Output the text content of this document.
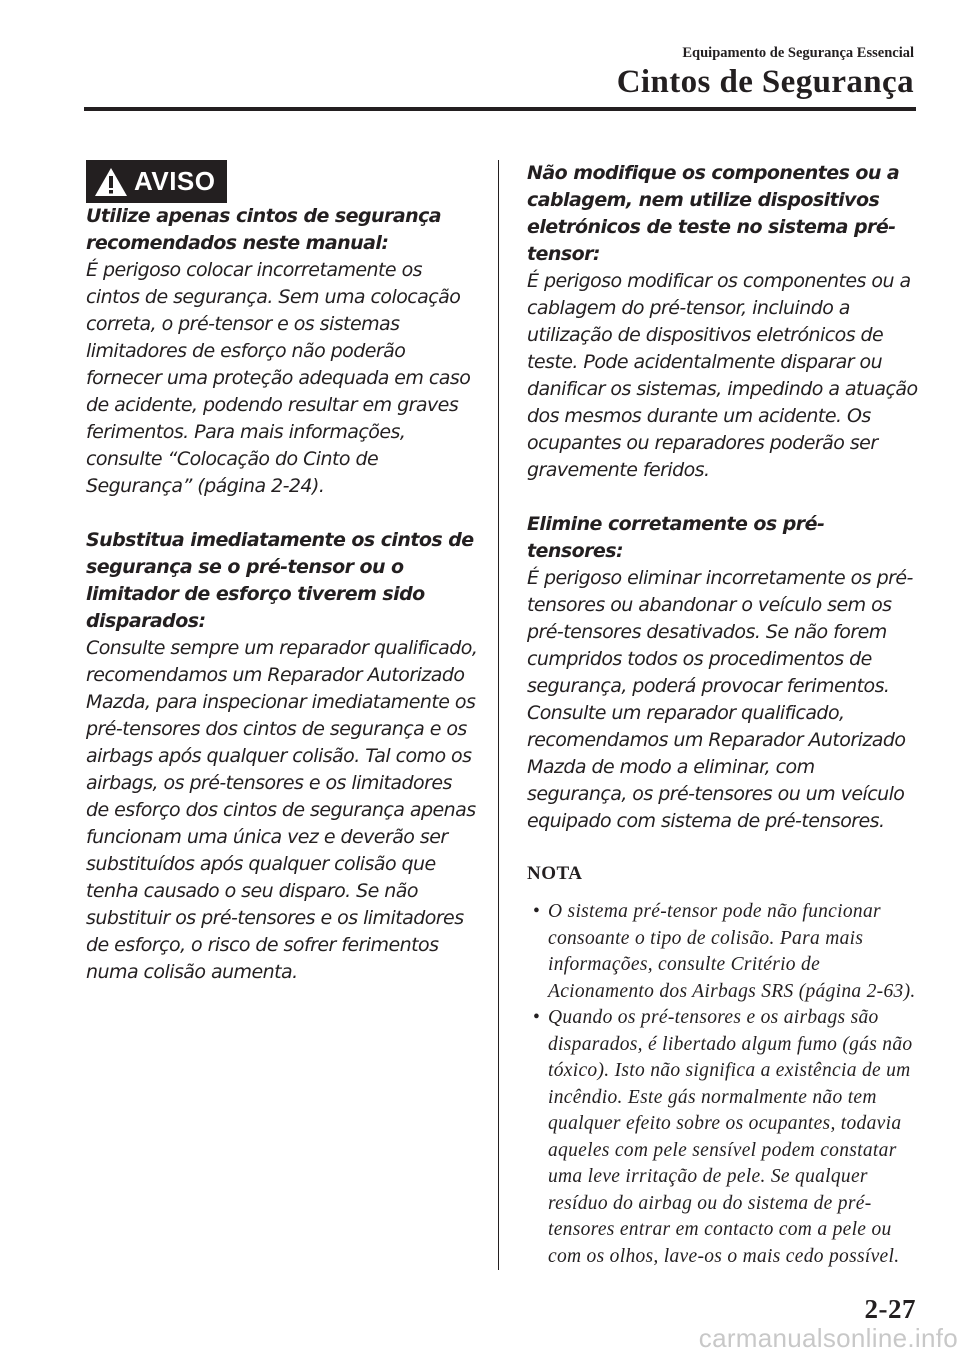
Equipamento de Segurança Essencial
Cintos de Segurança
AVISO
Utilize apenas cintos de segurança recomendados neste manual:
É perigoso colocar incorretamente os cintos de segurança. Sem uma colocação correta, o pré-tensor e os sistemas limitadores de esforço não poderão fornecer uma proteção adequada em caso de acidente, podendo resultar em graves ferimentos. Para mais informações, consulte “Colocação do Cinto de Segurança” (página 2-24).
Substitua imediatamente os cintos de segurança se o pré-tensor ou o limitador de esforço tiverem sido disparados:
Consulte sempre um reparador qualificado, recomendamos um Reparador Autorizado Mazda, para inspecionar imediatamente os pré-tensores dos cintos de segurança e os airbags após qualquer colisão. Tal como os airbags, os pré-tensores e os limitadores de esforço dos cintos de segurança apenas funcionam uma única vez e deverão ser substituídos após qualquer colisão que tenha causado o seu disparo. Se não substituir os pré-tensores e os limitadores de esforço, o risco de sofrer ferimentos numa colisão aumenta.
Não modifique os componentes ou a cablagem, nem utilize dispositivos eletrónicos de teste no sistema pré-tensor:
É perigoso modificar os componentes ou a cablagem do pré-tensor, incluindo a utilização de dispositivos eletrónicos de teste. Pode acidentalmente disparar ou danificar os sistemas, impedindo a atuação dos mesmos durante um acidente. Os ocupantes ou reparadores poderão ser gravemente feridos.
Elimine corretamente os pré-tensores:
É perigoso eliminar incorretamente os pré-tensores ou abandonar o veículo sem os pré-tensores desativados. Se não forem cumpridos todos os procedimentos de segurança, poderá provocar ferimentos. Consulte um reparador qualificado, recomendamos um Reparador Autorizado Mazda de modo a eliminar, com segurança, os pré-tensores ou um veículo equipado com sistema de pré-tensores.
NOTA
• O sistema pré-tensor pode não funcionar consoante o tipo de colisão. Para mais informações, consulte Critério de Acionamento dos Airbags SRS (página 2-63).
• Quando os pré-tensores e os airbags são disparados, é libertado algum fumo (gás não tóxico). Isto não significa a existência de um incêndio. Este gás normalmente não tem qualquer efeito sobre os ocupantes, todavia aqueles com pele sensível podem constatar uma leve irritação de pele. Se qualquer resíduo do airbag ou do sistema de pré-tensores entrar em contacto com a pele ou com os olhos, lave-os o mais cedo possível.
2-27
carmanualsonline.info
